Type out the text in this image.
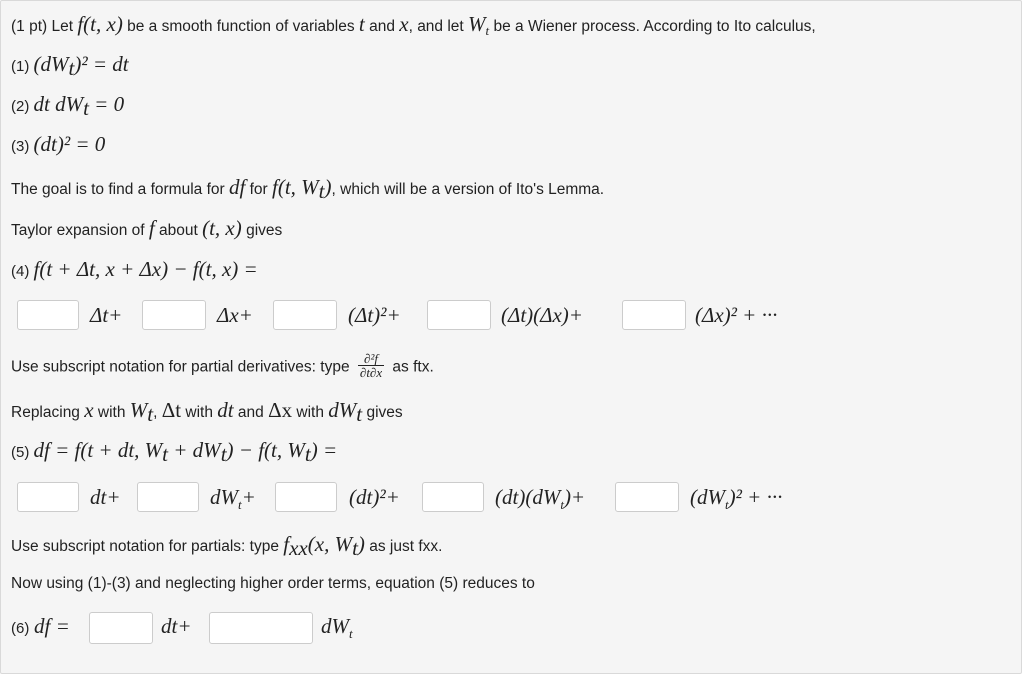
(1 pt) Let f(t, x) be a smooth function of variables t and x, and let $W_t$ be a Wiener process. According to Ito calculus,
(1) $(dW_t)^2$ = dt
(2) dt $dW_t = 0$
(3) (dt)² = 0
The goal is to find a formula for df for f(t, $W_t$), which will be a version of Ito's Lemma.
Taylor expansion of f about (t, x) gives
(4) f(t + Δt, x + Δx) − f(t, x) =
Δt+	Δx+	(Δt)²+	(Δt)(Δx)+	(Δx)² + ···
Use subscript notation for partial derivatives: type $\frac{\text{∂²f}}{\partial t\partial x}$ as ftx.
Replacing x with $W_t$, Δt with dt and Δx with $dW_t$ gives
(5) df = f(t + dt, $W_t + dW_t) - f(t$, $W_t$) =
dt+	$dW_t+$	(dt)²+	$(dt)(dW_t)+$	$(dW_t)^2$ + ···
Use subscript notation for partials: type $f_{xx}(x$, $W_t$) as just fxx.
Now using (1)-(3) and neglecting higher order terms, equation (5) reduces to
(6) df =	dt+	$dW_t$
